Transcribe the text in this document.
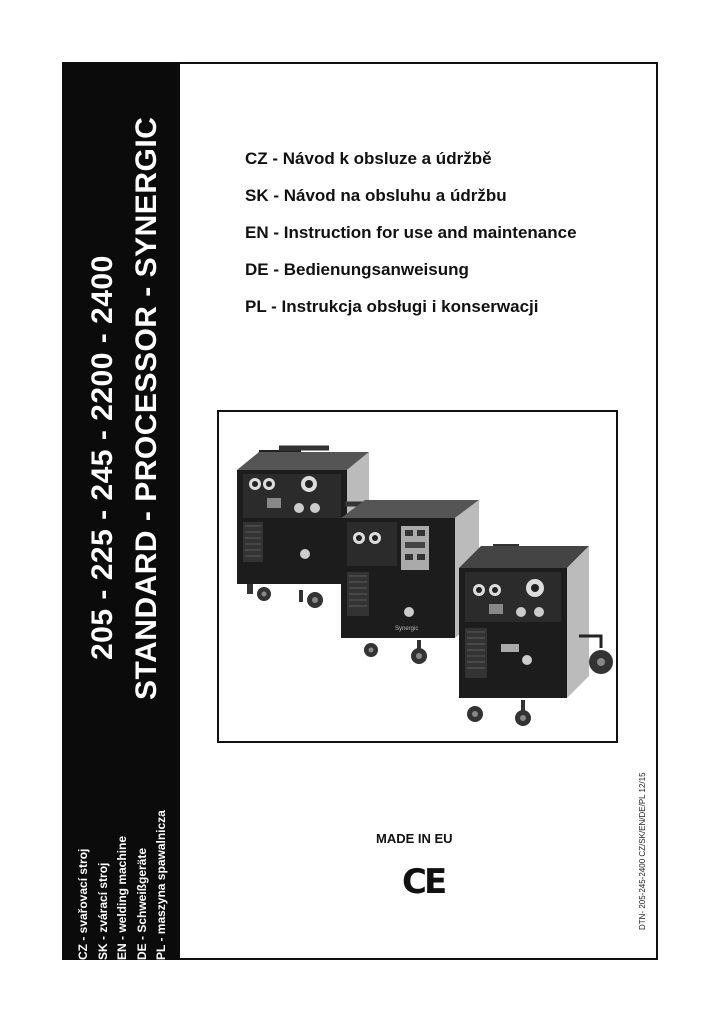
205 - 225 - 245 - 2200 - 2400 STANDARD - PROCESSOR - SYNERGIC
CZ - svařovací stroj SK - zvárací stroj EN - welding machine DE - Schweißgeräte PL - maszyna spawalnicza
CZ - Návod k obsluze a údržbě
SK - Návod na obsluhu a údržbu
EN - Instruction for use and maintenance
DE - Bedienungsanweisung
PL - Instrukcja obsługi i konserwacji
Synergic
MADE IN EU
CE	DTN- 205-245-2400 CZ/SK/EN/DE/PL 12/15
